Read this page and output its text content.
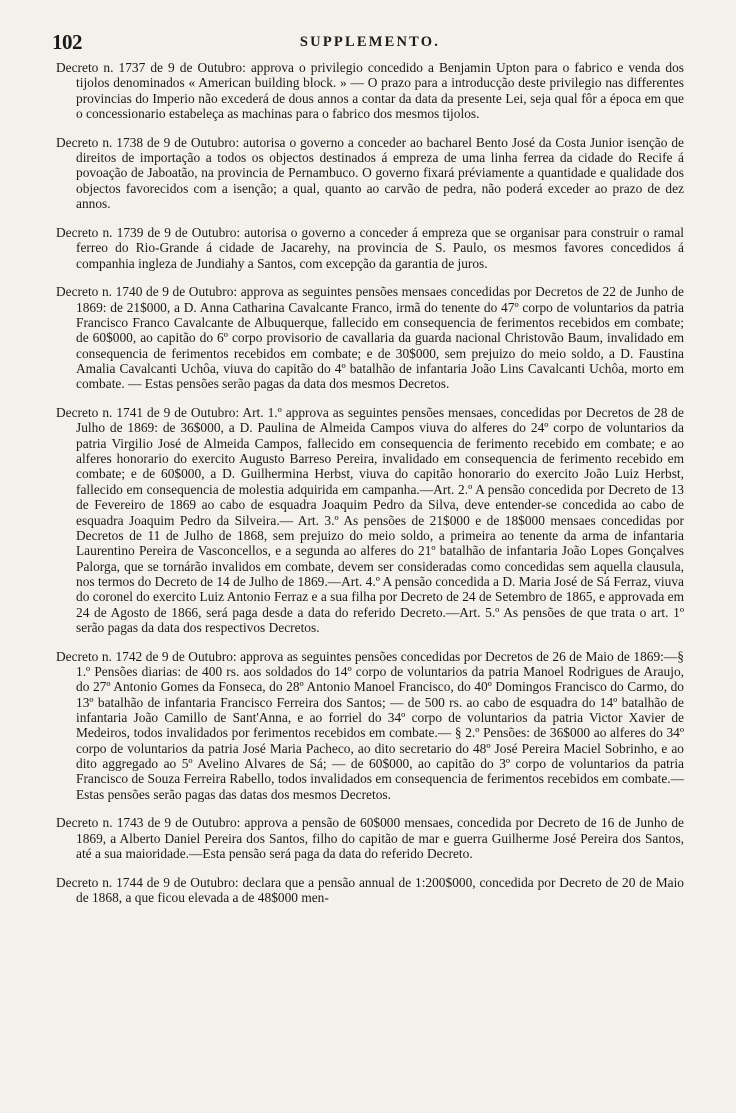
102	SUPPLEMENTO.

Decreto n. 1737 de 9 de Outubro: approva o privilegio concedido a Benjamin Upton para o fabrico e venda dos tijolos denominados « American building block. » — O prazo para a introducção deste privilegio nas differentes provincias do Imperio não excederá de dous annos a contar da data da presente Lei, seja qual fôr a época em que o concessionario estabeleça as machinas para o fabrico dos mesmos tijolos.

Decreto n. 1738 de 9 de Outubro: autorisa o governo a conceder ao bacharel Bento José da Costa Junior isenção de direitos de importação a todos os objectos destinados á empreza de uma linha ferrea da cidade do Recife á povoação de Jaboatão, na provincia de Pernambuco. O governo fixará préviamente a quantidade e qualidade dos objectos favorecidos com a isenção; a qual, quanto ao carvão de pedra, não poderá exceder ao prazo de dez annos.

Decreto n. 1739 de 9 de Outubro: autorisa o governo a conceder á empreza que se organisar para construir o ramal ferreo do Rio-Grande á cidade de Jacarehy, na provincia de S. Paulo, os mesmos favores concedidos á companhia ingleza de Jundiahy a Santos, com excepção da garantia de juros.

Decreto n. 1740 de 9 de Outubro: approva as seguintes pensões mensaes concedidas por Decretos de 22 de Junho de 1869: de 21$000, a D. Anna Catharina Cavalcante Franco, irmã do tenente do 47º corpo de voluntarios da patria Francisco Franco Cavalcante de Albuquerque, fallecido em consequencia de ferimentos recebidos em combate; de 60$000, ao capitão do 6º corpo provisorio de cavallaria da guarda nacional Christovão Baum, invalidado em consequencia de ferimentos recebidos em combate; e de 30$000, sem prejuizo do meio soldo, a D. Faustina Amalia Cavalcanti Uchôa, viuva do capitão do 4º batalhão de infantaria João Lins Cavalcanti Uchôa, morto em combate. — Estas pensões serão pagas da data dos mesmos Decretos.

Decreto n. 1741 de 9 de Outubro: Art. 1.º approva as seguintes pensões mensaes, concedidas por Decretos de 28 de Julho de 1869: de 36$000, a D. Paulina de Almeida Campos viuva do alferes do 24º corpo de voluntarios da patria Virgilio José de Almeida Campos, fallecido em consequencia de ferimento recebido em combate; e ao alferes honorario do exercito Augusto Barreso Pereira, invalidado em consequencia de ferimento recebido em combate; e de 60$000, a D. Guilhermina Herbst, viuva do capitão honorario do exercito João Luiz Herbst, fallecido em consequencia de molestia adquirida em campanha.—Art. 2.º A pensão concedida por Decreto de 13 de Fevereiro de 1869 ao cabo de esquadra Joaquim Pedro da Silva, deve entender-se concedida ao cabo de esquadra Joaquim Pedro da Silveira.— Art. 3.º As pensões de 21$000 e de 18$000 mensaes concedidas por Decretos de 11 de Julho de 1868, sem prejuizo do meio soldo, a primeira ao tenente da arma de infantaria Laurentino Pereira de Vasconcellos, e a segunda ao alferes do 21º batalhão de infantaria João Lopes Gonçalves Palorga, que se tornárão invalidos em combate, devem ser consideradas como concedidas sem aquella clausula, nos termos do Decreto de 14 de Julho de 1869.—Art. 4.º A pensão concedida a D. Maria José de Sá Ferraz, viuva do coronel do exercito Luiz Antonio Ferraz e a sua filha por Decreto de 24 de Setembro de 1865, e approvada em 24 de Agosto de 1866, será paga desde a data do referido Decreto.—Art. 5.º As pensões de que trata o art. 1º serão pagas da data dos respectivos Decretos.

Decreto n. 1742 de 9 de Outubro: approva as seguintes pensões concedidas por Decretos de 26 de Maio de 1869:—§ 1.º Pensões diarias: de 400 rs. aos soldados do 14º corpo de voluntarios da patria Manoel Rodrigues de Araujo, do 27º Antonio Gomes da Fonseca, do 28º Antonio Manoel Francisco, do 40º Domingos Francisco do Carmo, do 13º batalhão de infantaria Francisco Ferreira dos Santos; — de 500 rs. ao cabo de esquadra do 14º batalhão de infantaria João Camillo de Sant'Anna, e ao forriel do 34º corpo de voluntarios da patria Victor Xavier de Medeiros, todos invalidados por ferimentos recebidos em combate.— § 2.º Pensões: de 36$000 ao alferes do 34º corpo de voluntarios da patria José Maria Pacheco, ao dito secretario do 48º José Pereira Maciel Sobrinho, e ao dito aggregado ao 5º Avelino Alvares de Sá; — de 60$000, ao capitão do 3º corpo de voluntarios da patria Francisco de Souza Ferreira Rabello, todos invalidados em consequencia de ferimentos recebidos em combate.— Estas pensões serão pagas das datas dos mesmos Decretos.

Decreto n. 1743 de 9 de Outubro: approva a pensão de 60$000 mensaes, concedida por Decreto de 16 de Junho de 1869, a Alberto Daniel Pereira dos Santos, filho do capitão de mar e guerra Guilherme José Pereira dos Santos, até a sua maioridade.—Esta pensão será paga da data do referido Decreto.

Decreto n. 1744 de 9 de Outubro: declara que a pensão annual de 1:200$000, concedida por Decreto de 20 de Maio de 1868, a que ficou elevada a de 48$000 men-
